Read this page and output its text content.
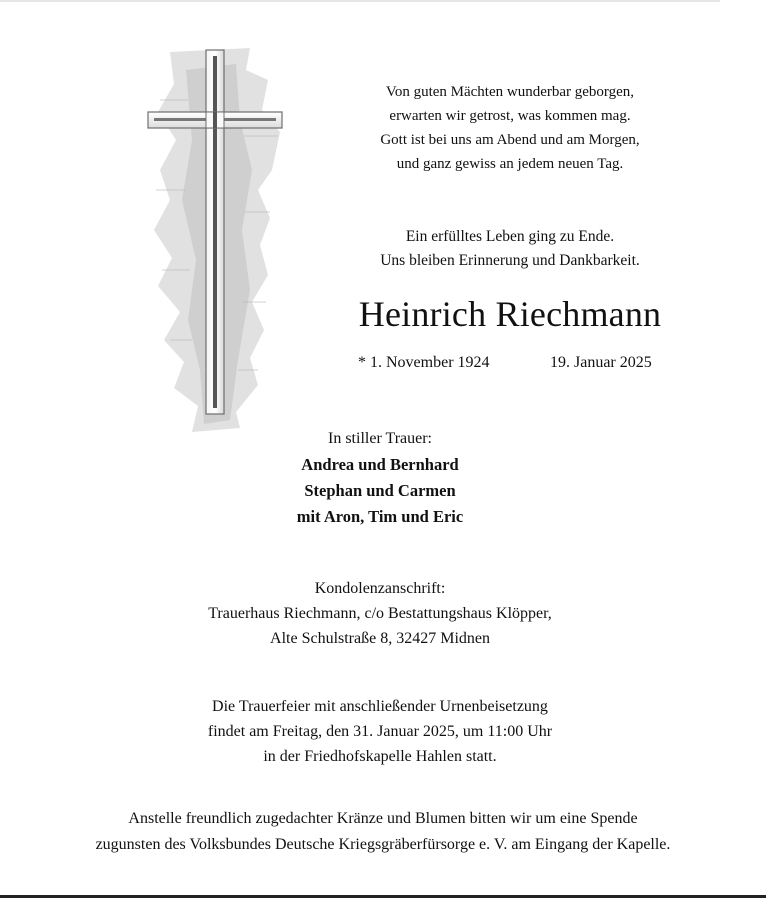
Von guten Mächten wunderbar geborgen,
erwarten wir getrost, was kommen mag.
Gott ist bei uns am Abend und am Morgen,
und ganz gewiss an jedem neuen Tag.
Ein erfülltes Leben ging zu Ende.
Uns bleiben Erinnerung und Dankbarkeit.
Heinrich Riechmann
* 1. November 1924	19. Januar 2025
In stiller Trauer:
Andrea und Bernhard
Stephan und Carmen
mit Aron, Tim und Eric
Kondolenzanschrift:
Trauerhaus Riechmann, c/o Bestattungshaus Klöpper,
Alte Schulstraße 8, 32427 Midnen
Die Trauerfeier mit anschließender Urnenbeisetzung
findet am Freitag, den 31. Januar 2025, um 11:00 Uhr
in der Friedhofskapelle Hahlen statt.
Anstelle freundlich zugedachter Kränze und Blumen bitten wir um eine Spende
zugunsten des Volksbundes Deutsche Kriegsgräberfürsorge e. V. am Eingang der Kapelle.
